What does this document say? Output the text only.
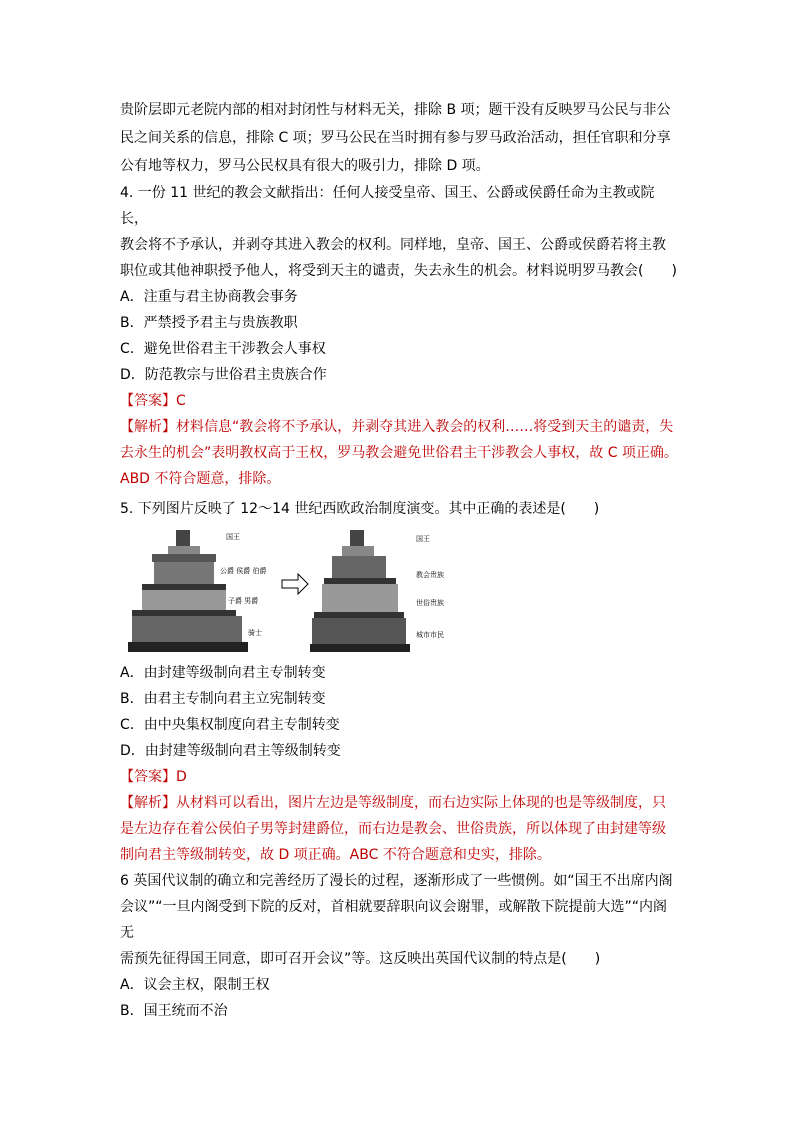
贵阶层即元老院内部的相对封闭性与材料无关，排除 B 项；题干没有反映罗马公民与非公

民之间关系的信息，排除 C 项；罗马公民在当时拥有参与罗马政治活动，担任官职和分享

公有地等权力，罗马公民权具有很大的吸引力，排除 D 项。

4. 一份 11 世纪的教会文献指出：任何人接受皇帝、国王、公爵或侯爵任命为主教或院长，

教会将不予承认，并剥夺其进入教会的权利。同样地，皇帝、国王、公爵或侯爵若将主教

职位或其他神职授予他人，将受到天主的谴责，失去永生的机会。材料说明罗马教会(　　)

A．注重与君主协商教会事务
B．严禁授予君主与贵族教职
C．避免世俗君主干涉教会人事权
D．防范教宗与世俗君主贵族合作
【答案】C

【解析】材料信息“教会将不予承认，并剥夺其进入教会的权利……将受到天主的谴责，失

去永生的机会”表明教权高于王权，罗马教会避免世俗君主干涉教会人事权，故 C 项正确。

ABD 不符合题意，排除。

5. 下列图片反映了 12～14 世纪西欧政治制度演变。其中正确的表述是(　　)

国王
公爵 侯爵 伯爵
子爵 男爵
骑士
国王
教会贵族
世俗贵族
城市市民
A．由封建等级制向君主专制转变
B．由君主专制向君主立宪制转变
C．由中央集权制度向君主专制转变
D．由封建等级制向君主等级制转变
【答案】D

【解析】从材料可以看出，图片左边是等级制度，而右边实际上体现的也是等级制度，只

是左边存在着公侯伯子男等封建爵位，而右边是教会、世俗贵族，所以体现了由封建等级

制向君主等级制转变，故 D 项正确。ABC 不符合题意和史实，排除。

6 英国代议制的确立和完善经历了漫长的过程，逐渐形成了一些惯例。如“国王不出席内阁

会议”“一旦内阁受到下院的反对，首相就要辞职向议会谢罪，或解散下院提前大选”“内阁无

需预先征得国王同意，即可召开会议”等。这反映出英国代议制的特点是(　　)

A．议会主权，限制王权
B．国王统而不治
